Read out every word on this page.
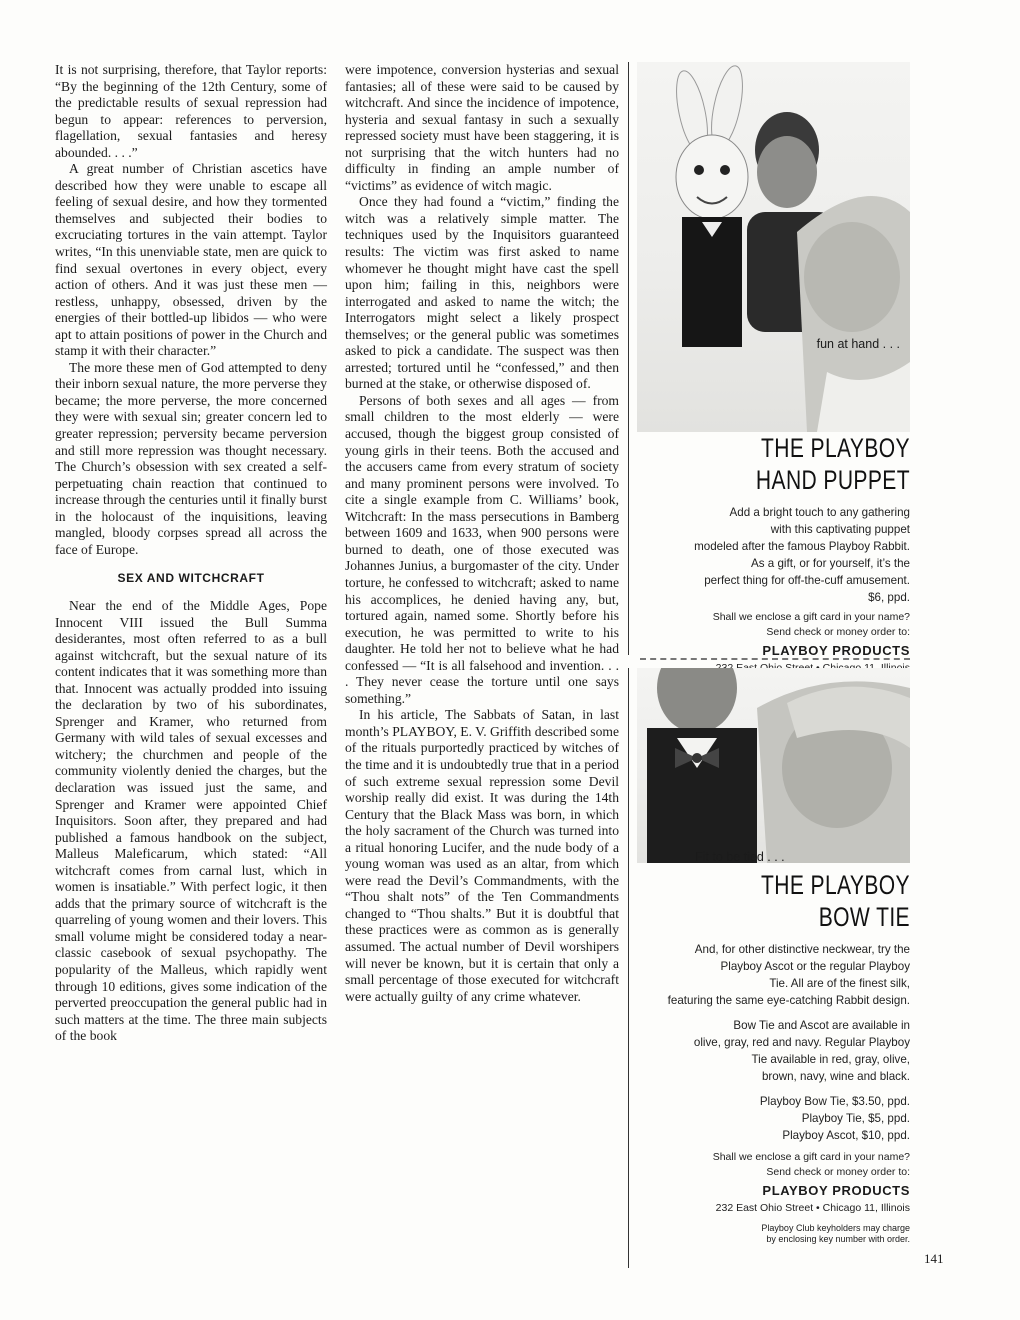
It is not surprising, therefore, that Taylor reports: “By the beginning of the 12th Century, some of the predictable results of sexual repression had begun to appear: references to perversion, flagellation, sexual fantasies and heresy abounded. . . .”

A great number of Christian ascetics have described how they were unable to escape all feeling of sexual desire, and how they tormented themselves and subjected their bodies to excruciating tortures in the vain attempt. Taylor writes, “In this unenviable state, men are quick to find sexual overtones in every object, every action of others. And it was just these men — restless, unhappy, obsessed, driven by the energies of their bottled-up libidos — who were apt to attain positions of power in the Church and stamp it with their character.”

The more these men of God attempted to deny their inborn sexual nature, the more perverse they became; the more perverse, the more concerned they were with sexual sin; greater concern led to greater repression; perversity became perversion and still more repression was thought necessary. The Church’s obsession with sex created a self-perpetuating chain reaction that continued to increase through the centuries until it finally burst in the holocaust of the inquisitions, leaving mangled, bloody corpses spread all across the face of Europe.

SEX AND WITCHCRAFT

Near the end of the Middle Ages, Pope Innocent VIII issued the Bull Summa desiderantes, most often referred to as a bull against witchcraft, but the sexual nature of its content indicates that it was something more than that. Innocent was actually prodded into issuing the declaration by two of his subordinates, Sprenger and Kramer, who returned from Germany with wild tales of sexual excesses and witchery; the churchmen and people of the community violently denied the charges, but the declaration was issued just the same, and Sprenger and Kramer were appointed Chief Inquisitors. Soon after, they prepared and had published a famous handbook on the subject, Malleus Maleficarum, which stated: “All witchcraft comes from carnal lust, which in women is insatiable.” With perfect logic, it then adds that the primary source of witchcraft is the quarreling of young women and their lovers. This small volume might be considered today a near-classic casebook of sexual psychopathy. The popularity of the Malleus, which rapidly went through 10 editions, gives some indication of the perverted preoccupation the general public had in such matters at the time. The three main subjects of the book

were impotence, conversion hysterias and sexual fantasies; all of these were said to be caused by witchcraft. And since the incidence of impotence, hysteria and sexual fantasy in such a sexually repressed society must have been staggering, it is not surprising that the witch hunters had no difficulty in finding an ample number of “victims” as evidence of witch magic.

Once they had found a “victim,” finding the witch was a relatively simple matter. The techniques used by the Inquisitors guaranteed results: The victim was first asked to name whomever he thought might have cast the spell upon him; failing in this, neighbors were interrogated and asked to name the witch; the Interrogators might select a likely prospect themselves; or the general public was sometimes asked to pick a candidate. The suspect was then arrested; tortured until he “confessed,” and then burned at the stake, or otherwise disposed of.

Persons of both sexes and all ages — from small children to the most elderly — were accused, though the biggest group consisted of young girls in their teens. Both the accused and the accusers came from every stratum of society and many prominent persons were involved. To cite a single example from C. Williams’ book, Witchcraft: In the mass persecutions in Bamberg between 1609 and 1633, when 900 persons were burned to death, one of those executed was Johannes Junius, a burgomaster of the city. Under torture, he confessed to witchcraft; asked to name his accomplices, he denied having any, but, tortured again, named some. Shortly before his execution, he was permitted to write to his daughter. He told her not to believe what he had confessed — “It is all falsehood and invention. . . . They never cease the torture until one says something.”

In his article, The Sabbats of Satan, in last month’s PLAYBOY, E. V. Griffith described some of the rituals purportedly practiced by witches of the time and it is undoubtedly true that in a period of such extreme sexual repression some Devil worship really did exist. It was during the 14th Century that the Black Mass was born, in which the holy sacrament of the Church was turned into a ritual honoring Lucifer, and the nude body of a young woman was used as an altar, from which were read the Devil’s Commandments, with the “Thou shalt nots” of the Ten Commandments changed to “Thou shalts.” But it is doubtful that these practices were as common as is generally assumed. The actual number of Devil worshipers will never be known, but it is certain that only a small percentage of those executed for witchcraft were actually guilty of any crime whatever.

fun at hand . . .
THE PLAYBOY
HAND PUPPET
Add a bright touch to any gathering
with this captivating puppet
modeled after the famous Playboy Rabbit.
As a gift, or for yourself, it’s the
perfect thing for off-the-cuff amusement.
$6, ppd.
Shall we enclose a gift card in your name?
Send check or money order to:
PLAYBOY PRODUCTS
Fit to be tied . . .
THE PLAYBOY
BOW TIE
And, for other distinctive neckwear, try the
Playboy Ascot or the regular Playboy
Tie. All are of the finest silk,
featuring the same eye-catching Rabbit design.
Bow Tie and Ascot are available in
olive, gray, red and navy. Regular Playboy
Tie available in red, gray, olive,
brown, navy, wine and black.
Playboy Bow Tie, $3.50, ppd.
Playboy Tie, $5, ppd.
Playboy Ascot, $10, ppd.
Shall we enclose a gift card in your name?
Send check or money order to:
PLAYBOY PRODUCTS
232 East Ohio Street • Chicago 11, Illinois
Playboy Club keyholders may charge
by enclosing key number with order.
141
